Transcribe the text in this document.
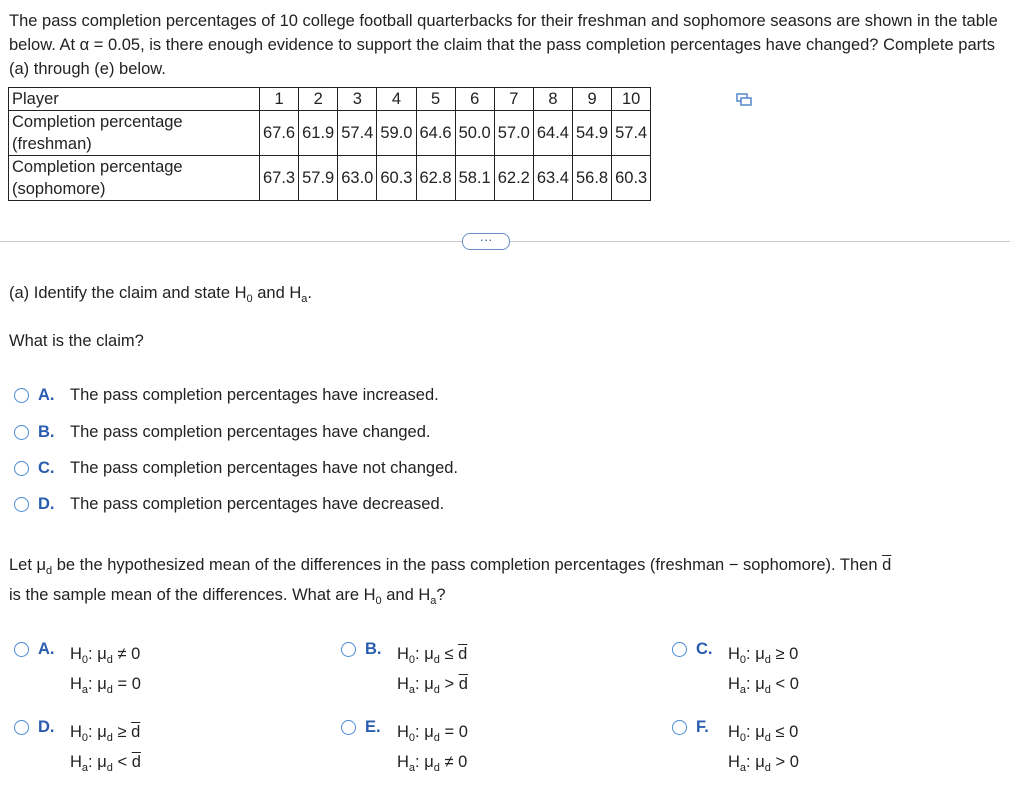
The pass completion percentages of 10 college football quarterbacks for their freshman and sophomore seasons are shown in the table below. At α = 0.05, is there enough evidence to support the claim that the pass completion percentages have changed? Complete parts (a) through (e) below.
Player	1	2	3	4	5	6	7	8	9	10
Completion percentage (freshman)	67.6	61.9	57.4	59.0	64.6	50.0	57.0	64.4	54.9	57.4
Completion percentage (sophomore)	67.3	57.9	63.0	60.3	62.8	58.1	62.2	63.4	56.8	60.3
···
(a) Identify the claim and state $H_0$ and $H_a$.
What is the claim?
A. The pass completion percentages have increased.
B. The pass completion percentages have changed.
C. The pass completion percentages have not changed.
D. The pass completion percentages have decreased.
Let $\mu_d$ be the hypothesized mean of the differences in the pass completion percentages (freshman − sophomore). Then $\overline{d}$
is the sample mean of the differences. What are $H_0$ and $H_a$?
A. $H_0$: $\mu_d \ne 0$
$H_a$: $\mu_d = 0$
B. $H_0$: $\mu_d \le \overline{d}$
$H_a$: $\mu_d > \overline{d}$
C. $H_0$: $\mu_d \ge 0$
$H_a$: $\mu_d < 0$
D. $H_0$: $\mu_d \ge \overline{d}$
$H_a$: $\mu_d < \overline{d}$
E. $H_0$: $\mu_d = 0$
$H_a$: $\mu_d \ne 0$
F.	$H_0$: $\mu_d \le 0$
$H_a$: $\mu_d > 0$
